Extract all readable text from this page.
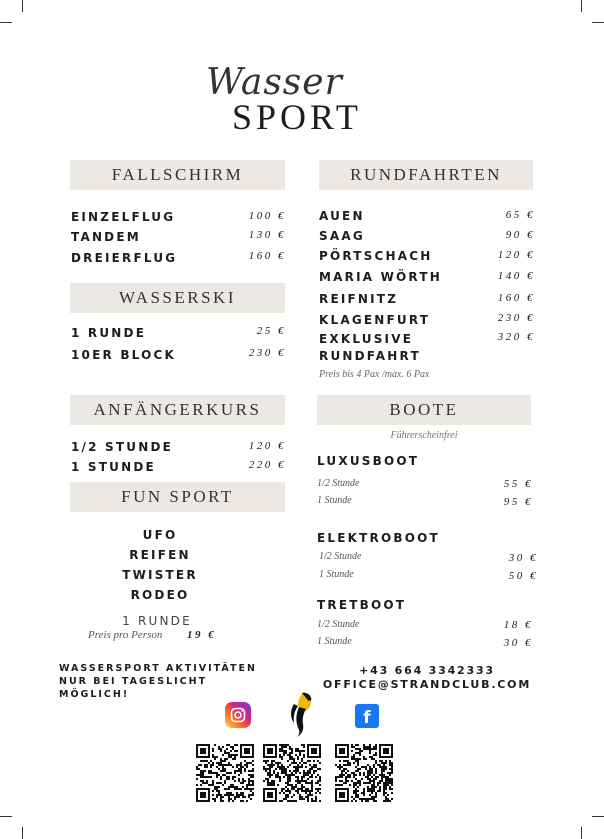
Wasser
SPORT
FALLSCHIRM
EINZELFLUG	100 €
TANDEM	130 €
DREIERFLUG	160 €
WASSERSKI
1 RUNDE	25 €
10ER BLOCK	230 €
ANFÄNGERKURS
1/2 STUNDE	120 €
1 STUNDE	220 €
FUN SPORT
UFO
REIFEN
TWISTER
RODEO
1 RUNDE
Preis pro Person 19 €
RUNDFAHRTEN
AUEN	65 €
SAAG	90 €
PÖRTSCHACH	120 €
MARIA WÖRTH	140 €
REIFNITZ	160 €
KLAGENFURT	230 €
EXKLUSIVE	320 €
RUNDFAHRT
Preis bis 4 Pax /max. 6 Pax
BOOTE
Führerscheinfrei
LUXUSBOOT
1/2 Stunde	55 €
1 Stunde	95 €
ELEKTROBOOT
1/2 Stunde	30 €
1 Stunde	50 €
TRETBOOT
1/2 Stunde	18 €
1 Stunde	30 €
WASSERSPORT AKTIVITÄTEN
NUR BEI TAGESLICHT
MÖGLICH!
+43 664 3342333
OFFICE@STRANDCLUB.COM
f
